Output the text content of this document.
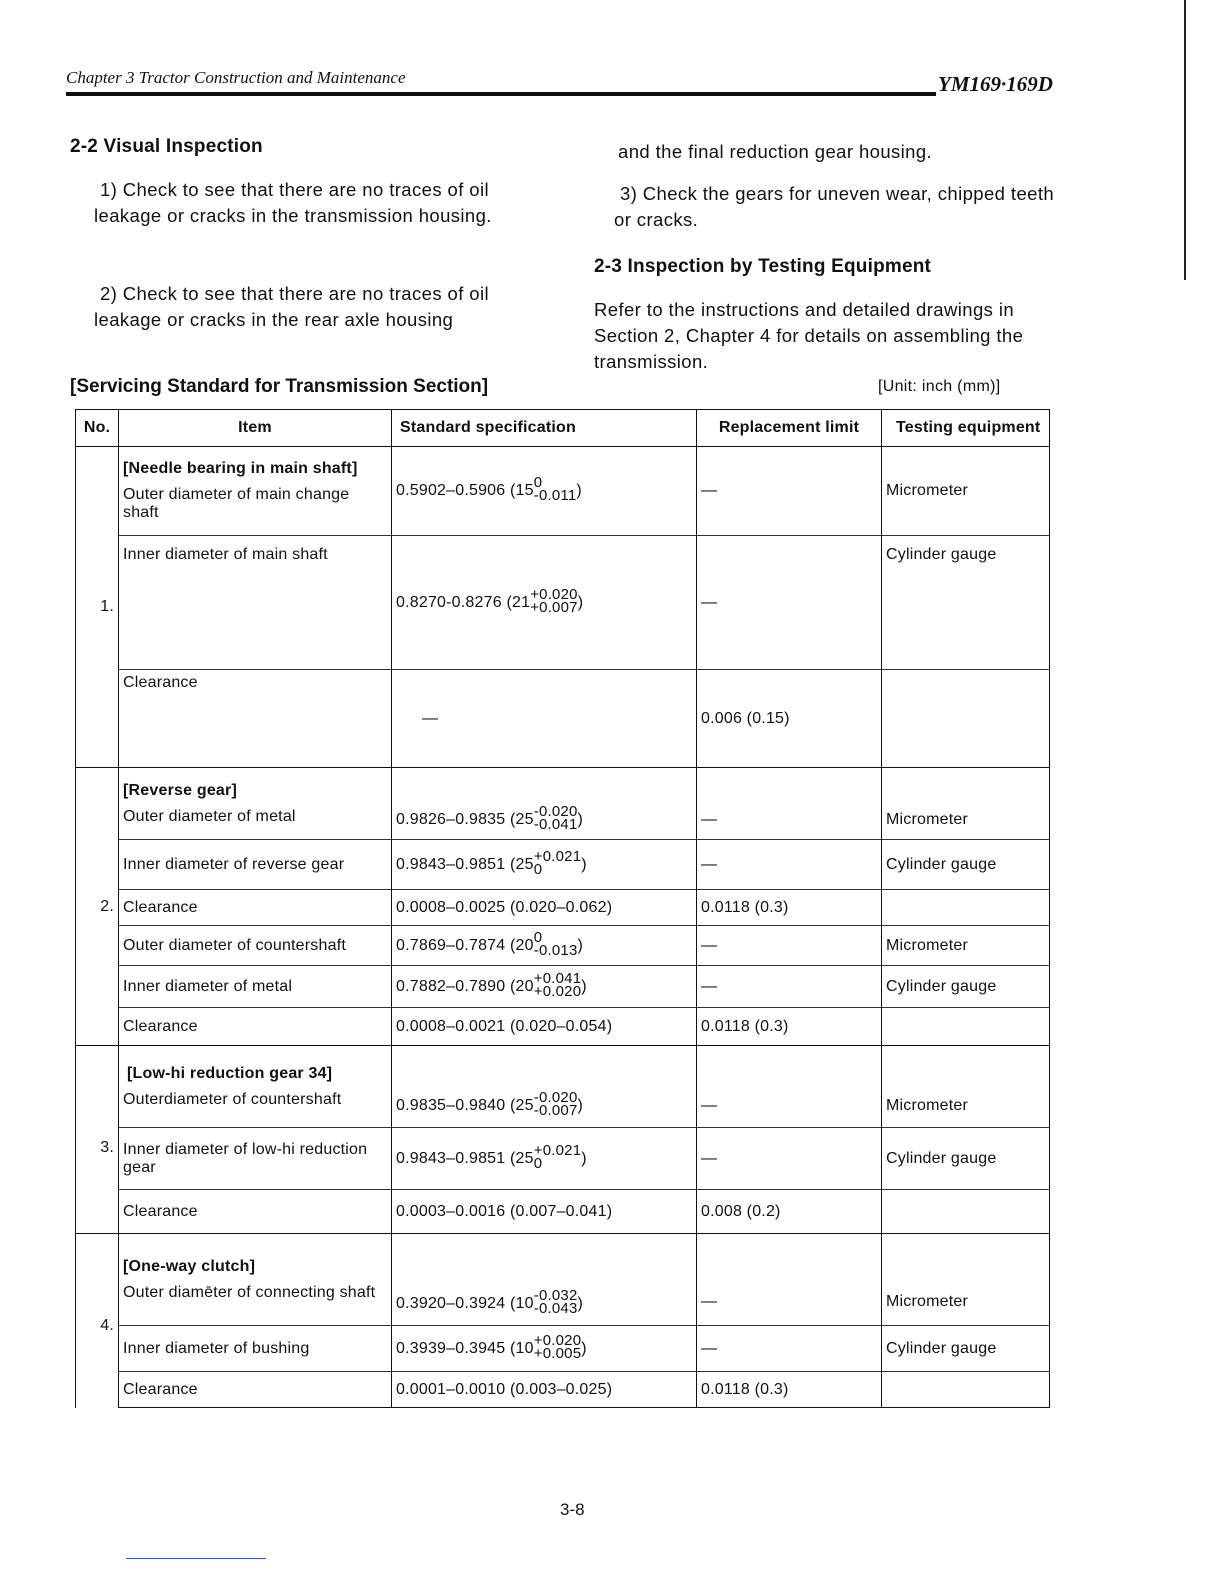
Chapter 3 Tractor Construction and Maintenance	YM169·169D
2-2 Visual Inspection
1) Check to see that there are no traces of oil leakage or cracks in the transmission housing.
2) Check to see that there are no traces of oil leakage or cracks in the rear axle housing
and the final reduction gear housing.
3) Check the gears for uneven wear, chipped teeth or cracks.
2-3 Inspection by Testing Equipment
Refer to the instructions and detailed drawings in Section 2, Chapter 4 for details on assembling the transmission.
[Servicing Standard for Transmission Section]	[Unit: inch (mm)]
No.	Item	Standard specification	Replacement limit	Testing equipment
1.	[Needle bearing in main shaft]
Outer diameter of main change shaft	0.5902–0.5906 (150
-0.011)	—	Micrometer
	Inner diameter of main shaft	0.8270-0.8276 (21+0.020
+0.007)	—	Cylinder gauge
	Clearance	—	0.006 (0.15)	
2.	[Reverse gear]
Outer diameter of metal	0.9826–0.9835 (25-0.020
-0.041)	—	Micrometer
	Inner diameter of reverse gear	0.9843–0.9851 (25+0.021
0 )	—	Cylinder gauge
	Clearance	0.0008–0.0025 (0.020–0.062)	0.0118 (0.3)	
	Outer diameter of countershaft	0.7869–0.7874 (200
-0.013)	—	Micrometer
	Inner diameter of metal	0.7882–0.7890 (20+0.041
+0.020)	—	Cylinder gauge
	Clearance	0.0008–0.0021 (0.020–0.054)	0.0118 (0.3)	
3.	[Low-hi reduction gear 34]
Outerdiameter of countershaft	0.9835–0.9840 (25-0.020
-0.007)	—	Micrometer
	Inner diameter of low-hi reduction gear	0.9843–0.9851 (25+0.021
0 )	—	Cylinder gauge
	Clearance	0.0003–0.0016 (0.007–0.041)	0.008 (0.2)	
4.	[One-way clutch]
Outer diamēter of connecting shaft	0.3920–0.3924 (10-0.032
-0.043)	—	Micrometer
	Inner diameter of bushing	0.3939–0.3945 (10+0.020
+0.005)	—	Cylinder gauge
	Clearance	0.0001–0.0010 (0.003–0.025)	0.0118 (0.3)	
3-8
